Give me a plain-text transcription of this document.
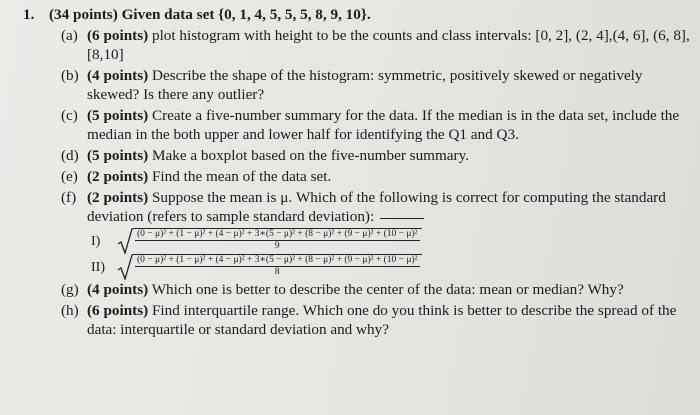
1. (34 points) Given data set {0, 1, 4, 5, 5, 5, 8, 9, 10}.
(a) (6 points) plot histogram with height to be the counts and class intervals: [0, 2], (2, 4],(4, 6], (6, 8],[8,10]
(b) (4 points) Describe the shape of the histogram: symmetric, positively skewed or negatively skewed? Is there any outlier?
(c) (5 points) Create a five-number summary for the data. If the median is in the data set, include the median in the both upper and lower half for identifying the Q1 and Q3.
(d) (5 points) Make a boxplot based on the five-number summary.
(e) (2 points) Find the mean of the data set.
(f) (2 points) Suppose the mean is μ. Which of the following is correct for computing the standard deviation (refers to sample standard deviation):
I)	(0 − μ)² + (1 − μ)² + (4 − μ)² + 3∗(5 − μ)² + (8 − μ)² + (9 − μ)² + (10 − μ)²
9
II)	(0 − μ)² + (1 − μ)² + (4 − μ)² + 3∗(5 − μ)² + (8 − μ)² + (9 − μ)² + (10 − μ)²
8
(g) (4 points) Which one is better to describe the center of the data: mean or median? Why?
(h) (6 points) Find interquartile range. Which one do you think is better to describe the spread of the data: interquartile or standard deviation and why?
